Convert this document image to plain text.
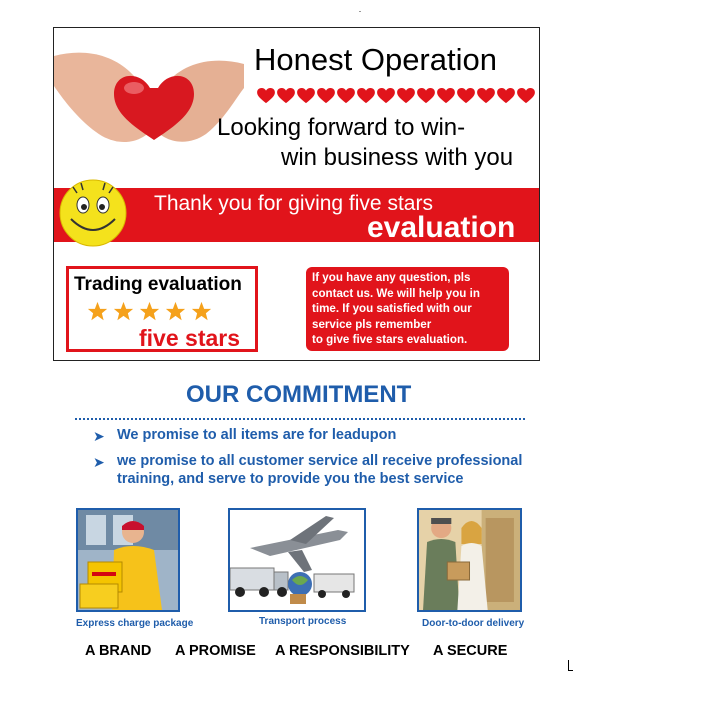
Honest Operation
Looking forward to win-
win business with you
Thank you for giving five stars
evaluation
Trading evaluation
five stars
If you have any question, pls
contact us. We will help you in
time. If you satisfied with our
service pls remember
to give five stars evaluation.
OUR COMMITMENT
➤ We promise to all items are for leadupon
➤ we promise to all customer service all receive professional
training, and serve to provide you the best service
Express charge package	Transport process	Door-to-door delivery
A BRAND A PROMISE A RESPONSIBILITY A SECURE
